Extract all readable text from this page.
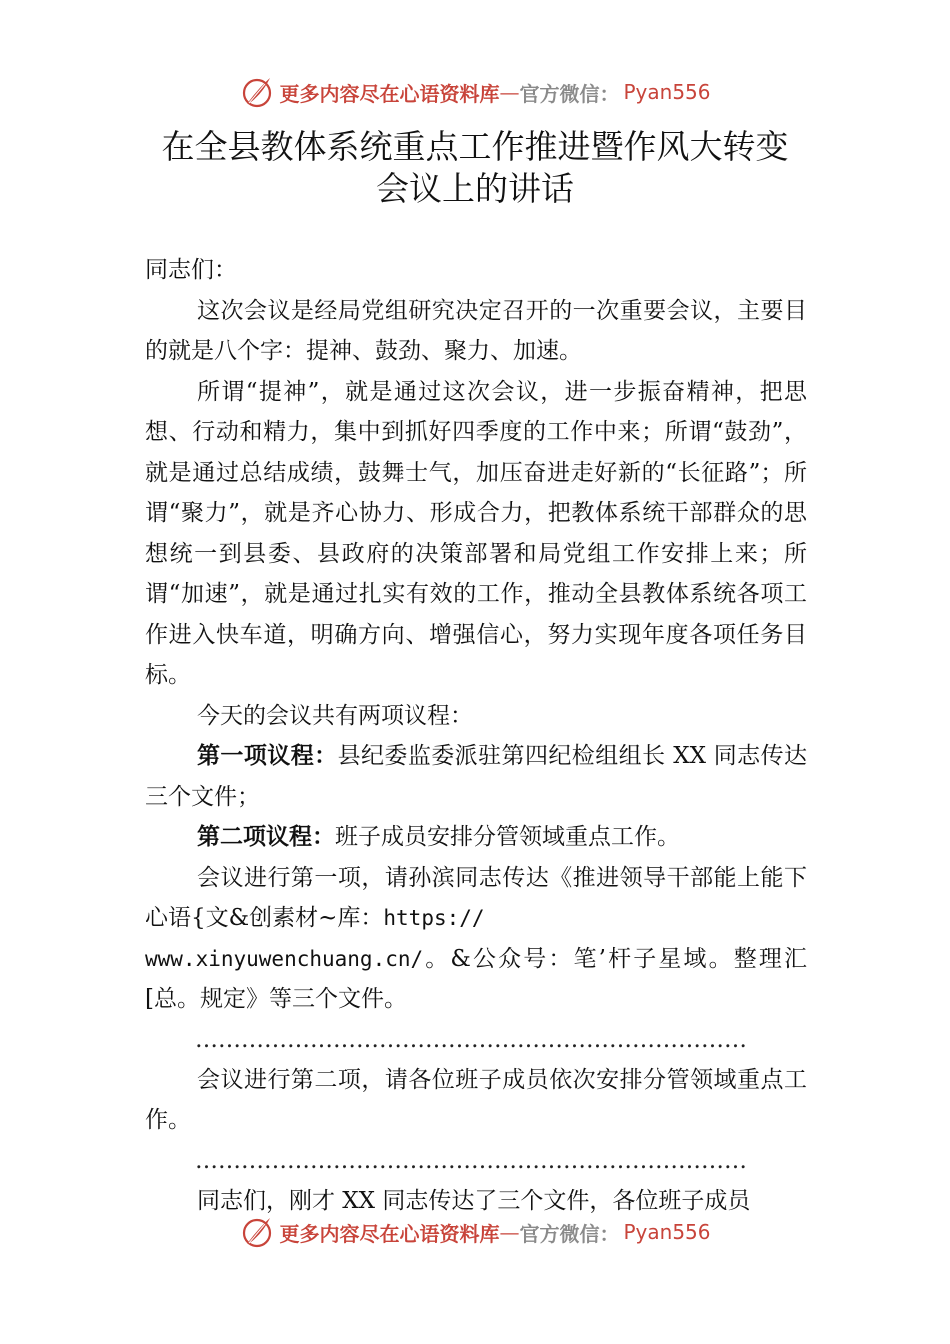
更多内容尽在心语资料库 — 官方微信： Pyan556
在全县教体系统重点工作推进暨作风大转变
会议上的讲话

同志们：

这次会议是经局党组研究决定召开的一次重要会议，主要目的就是八个字：提神、鼓劲、聚力、加速。

所谓“提神”，就是通过这次会议，进一步振奋精神，把思想、行动和精力，集中到抓好四季度的工作中来；所谓“鼓劲”，就是通过总结成绩，鼓舞士气，加压奋进走好新的“长征路”；所谓“聚力”，就是齐心协力、形成合力，把教体系统干部群众的思想统一到县委、县政府的决策部署和局党组工作安排上来；所谓“加速”，就是通过扎实有效的工作，推动全县教体系统各项工作进入快车道，明确方向、增强信心，努力实现年度各项任务目标。

今天的会议共有两项议程：

第一项议程：县纪委监委派驻第四纪检组组长 XX 同志传达三个文件；

第二项议程：班子成员安排分管领域重点工作。

会议进行第一项，请孙滨同志传达《推进领导干部能上能下心语{文&创素材~库：https://
www.xinyuwenchuang.cn/。&公众号：笔’杆子星域。整理汇[总。规定》等三个文件。

………………………………………………………………

会议进行第二项，请各位班子成员依次安排分管领域重点工作。

………………………………………………………………

同志们，刚才 XX 同志传达了三个文件，各位班子成员

更多内容尽在心语资料库 — 官方微信： Pyan556
